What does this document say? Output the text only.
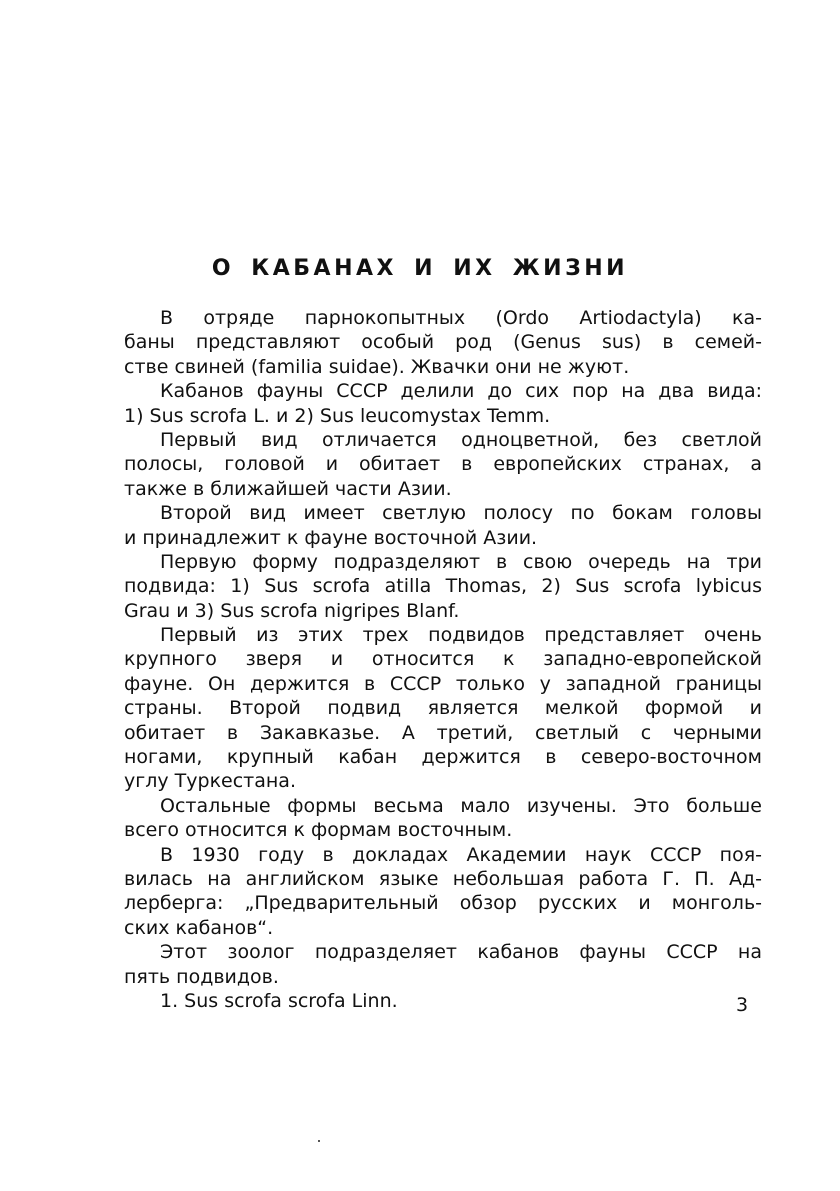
О КАБАНАХ И ИХ ЖИЗНИ
В отряде парнокопытных (Ordo Artiodactyla) ка-
баны представляют особый род (Genus sus) в семей-
стве свиней (familia suidae). Жвачки они не жуют.
Кабанов фауны СССР делили до сих пор на два вида:
1) Sus scrofa L. и 2) Sus leucomystax Temm.
Первый вид отличается одноцветной, без светлой
полосы, головой и обитает в европейских странах, а
также в ближайшей части Азии.
Второй вид имеет светлую полосу по бокам головы
и принадлежит к фауне восточной Азии.
Первую форму подразделяют в свою очередь на три
подвида: 1) Sus scrofa atilla Thomas, 2) Sus scrofa lybicus
Grau и 3) Sus scrofa nigripes Blanf.
Первый из этих трех подвидов представляет очень
крупного зверя и относится к западно-европейской
фауне. Он держится в СССР только у западной границы
страны. Второй подвид является мелкой формой и
обитает в Закавказье. А третий, светлый с черными
ногами, крупный кабан держится в северо-восточном
углу Туркестана.
Остальные формы весьма мало изучены. Это больше
всего относится к формам восточным.
В 1930 году в докладах Академии наук СССР поя-
вилась на английском языке небольшая работа Г. П. Ад-
лерберга: „Предварительный обзор русских и монголь-
ских кабанов“.
Этот зоолог подразделяет кабанов фауны СССР на
пять подвидов.
1. Sus scrofa scrofa Linn.	3
